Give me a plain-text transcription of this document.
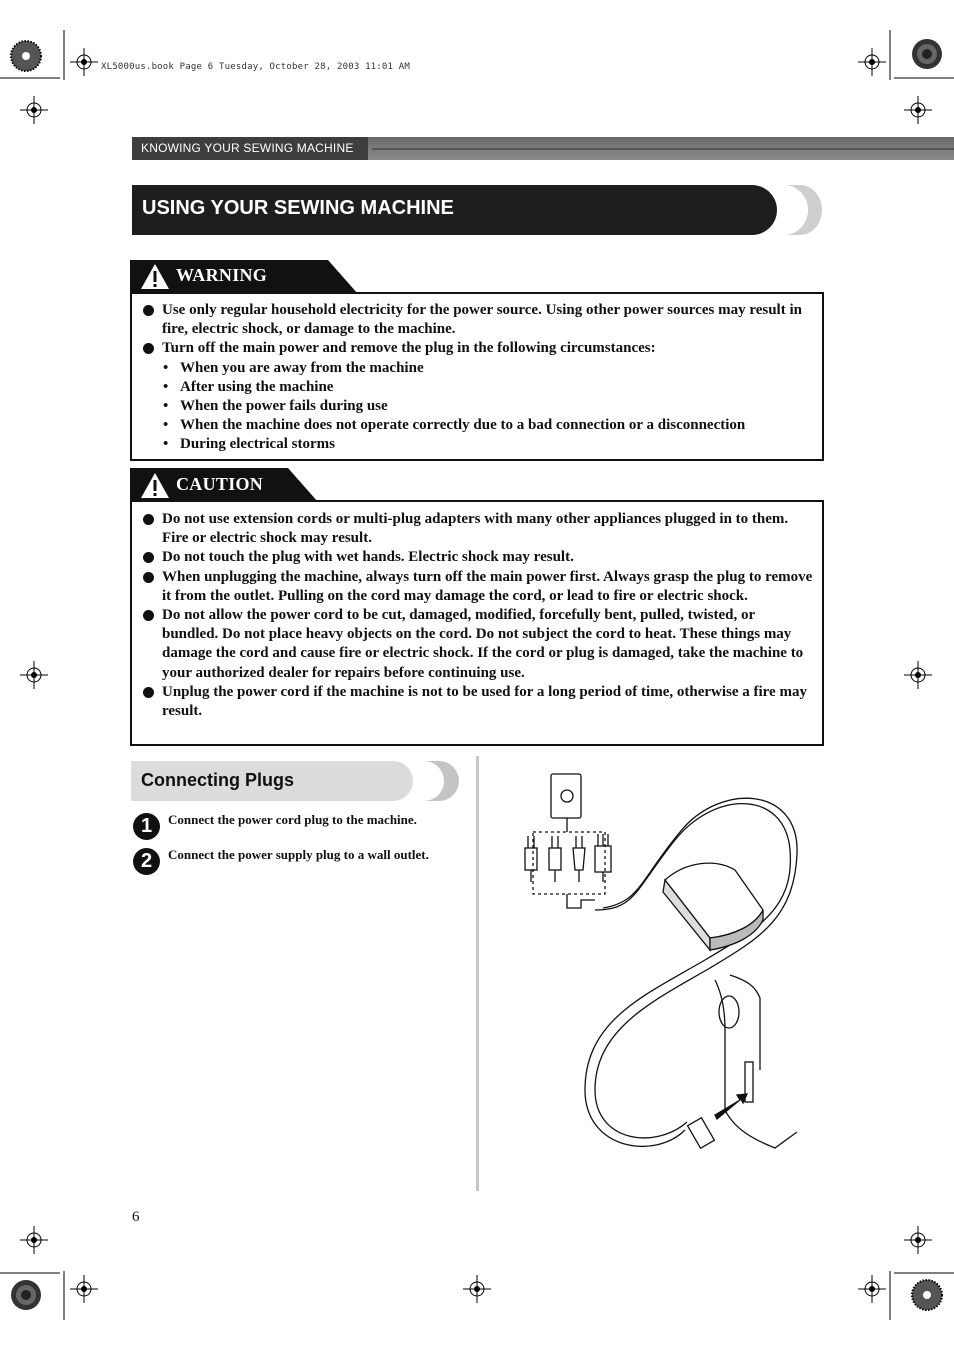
XL5000us.book Page 6 Tuesday, October 28, 2003 11:01 AM
KNOWING YOUR SEWING MACHINE
USING YOUR SEWING MACHINE
WARNING
Use only regular household electricity for the power source. Using other power sources may result in fire, electric shock, or damage to the machine.
Turn off the main power and remove the plug in the following circumstances:
• When you are away from the machine
• After using the machine
• When the power fails during use
• When the machine does not operate correctly due to a bad connection or a disconnection
• During electrical storms
CAUTION
Do not use extension cords or multi-plug adapters with many other appliances plugged in to them. Fire or electric shock may result.
Do not touch the plug with wet hands. Electric shock may result.
When unplugging the machine, always turn off the main power first. Always grasp the plug to remove it from the outlet. Pulling on the cord may damage the cord, or lead to fire or electric shock.
Do not allow the power cord to be cut, damaged, modified, forcefully bent, pulled, twisted, or bundled. Do not place heavy objects on the cord. Do not subject the cord to heat. These things may damage the cord and cause fire or electric shock. If the cord or plug is damaged, take the machine to your authorized dealer for repairs before continuing use.
Unplug the power cord if the machine is not to be used for a long period of time, otherwise a fire may result.
Connecting Plugs
1	Connect the power cord plug to the machine.
2	Connect the power supply plug to a wall outlet.
6
